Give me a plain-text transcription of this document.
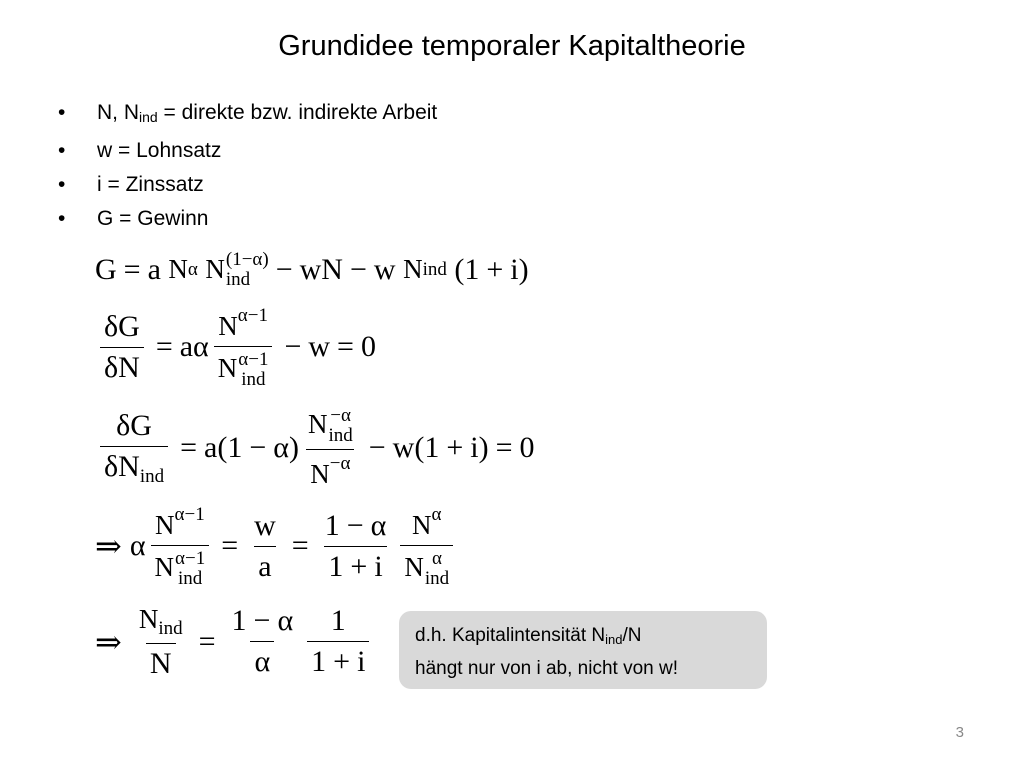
Grundidee temporaler Kapitaltheorie
• N, $N_{ind}$ = direkte bzw. indirekte Arbeit
• w = Lohnsatz
• i = Zinssatz
• G = Gewinn
G = a N α
N (1−α)
ind − wN − w N ind (1 + i)
$\frac{\delta G}{\delta N} = a\alpha$ $N^{\alpha-1}$
N α−1
ind − w = 0
$\frac{\delta G}{\delta N_{ind}} = a(1 - \alpha)$ N −α
ind
$N^{-\alpha} - w(1 + i) = 0$
⇒ α $N^{\alpha-1}$
N α−1
ind = $\frac{w}{a} = \frac{1 - \alpha}{1 + i} N^\alpha$
N α
ind
⇒ $\frac{N_{ind}}{N} = \frac{1 - \alpha}{\alpha} \frac{1}{1 + i} d.h$. Kapitalintensität $N_{ind}/N$
hängt nur von i ab, nicht von w!
3
